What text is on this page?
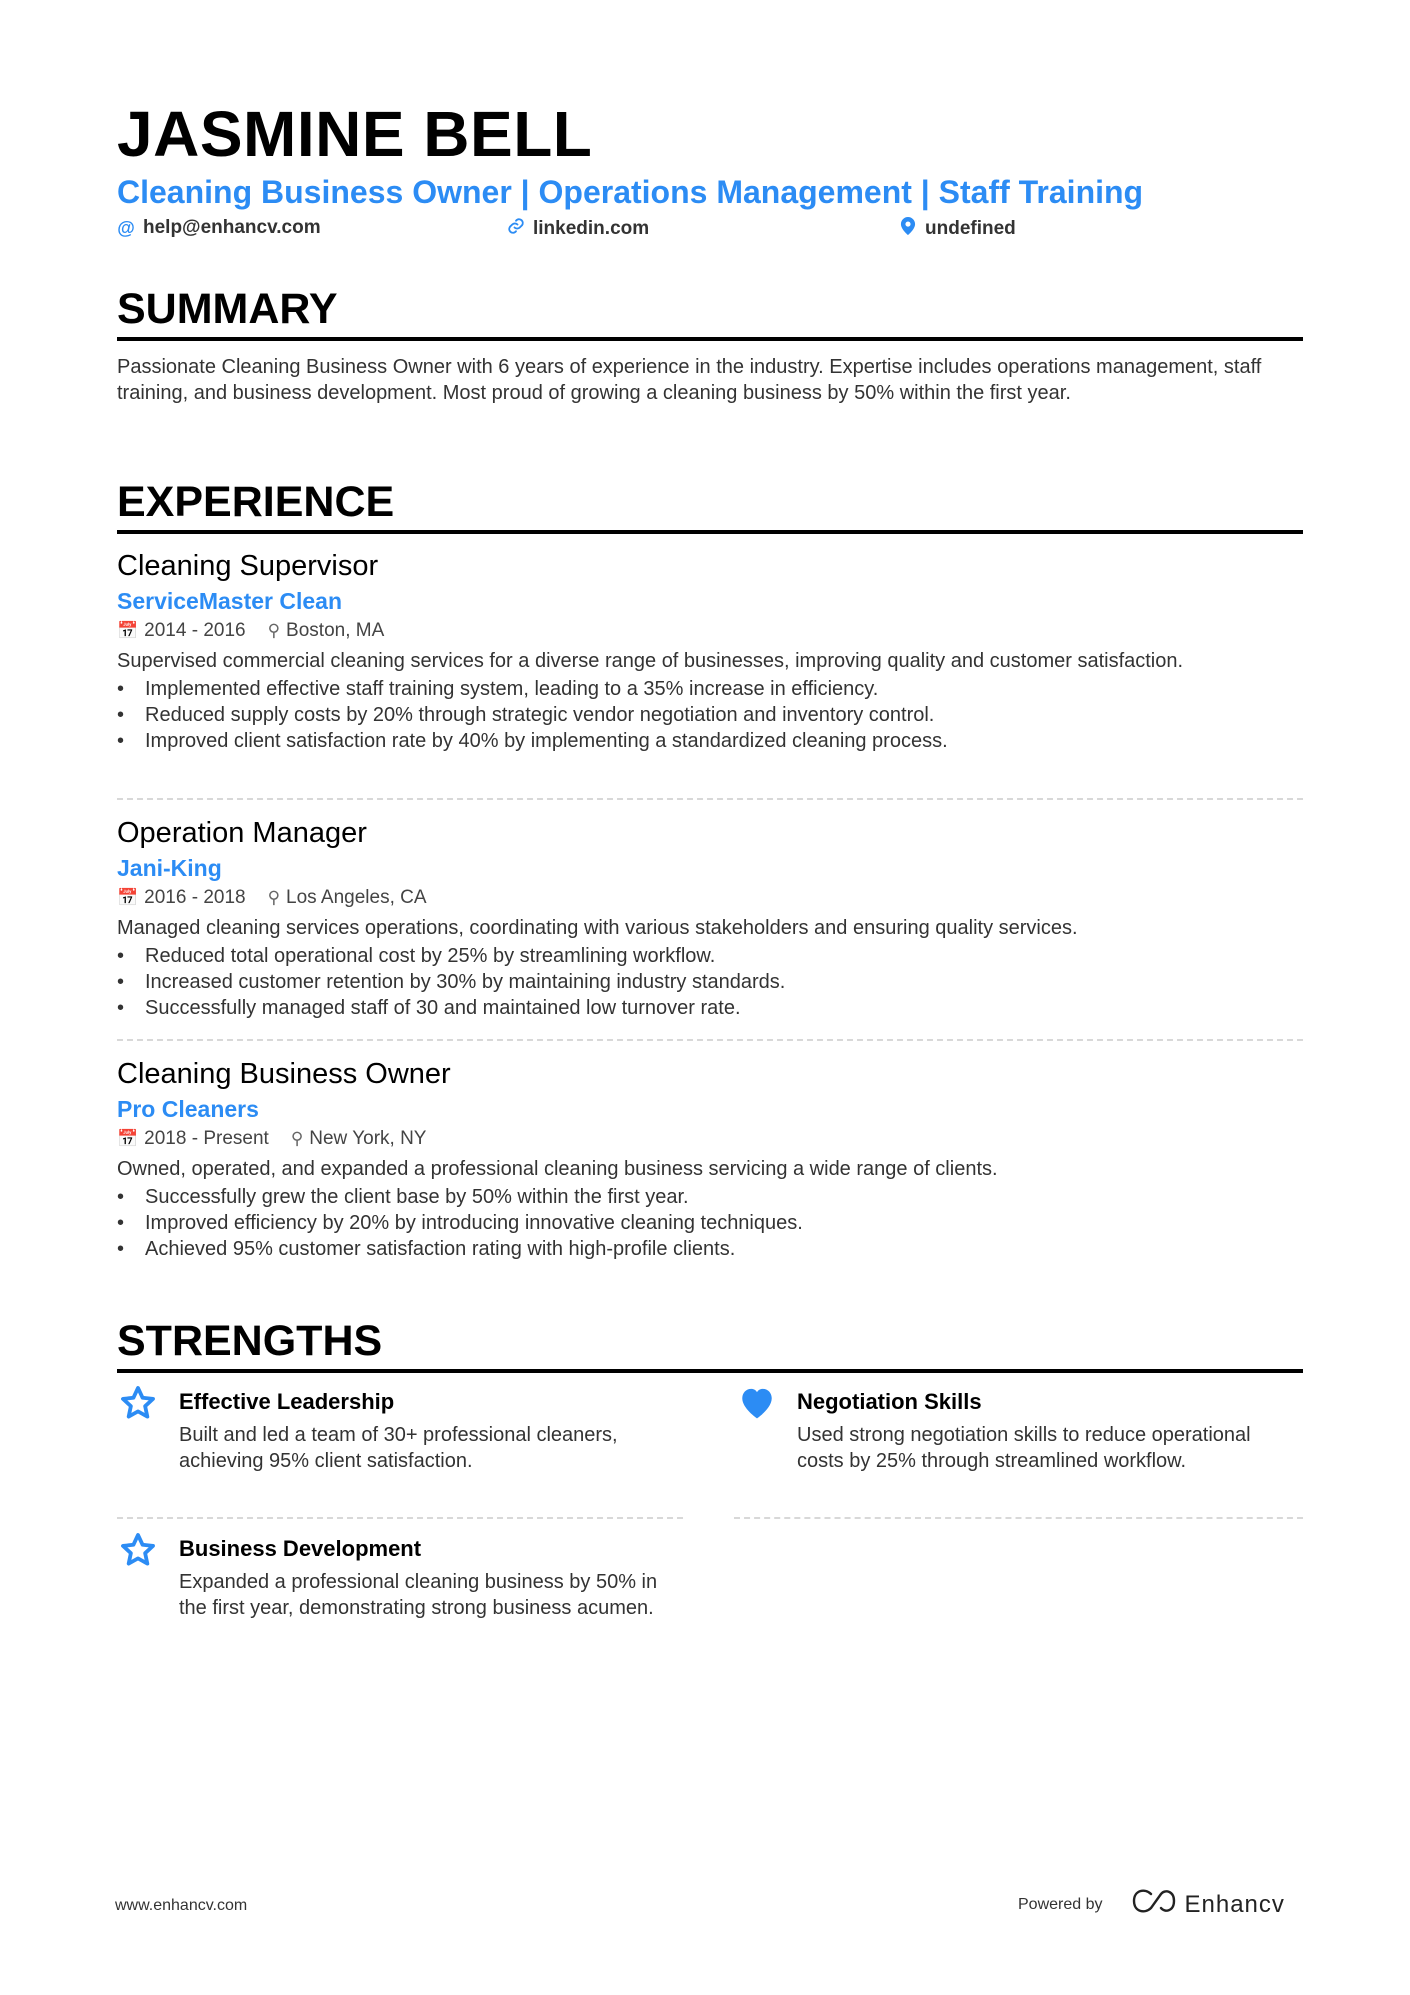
JASMINE BELL
Cleaning Business Owner | Operations Management | Staff Training
@ help@enhancv.com	linkedin.com	undefined
SUMMARY
Passionate Cleaning Business Owner with 6 years of experience in the industry. Expertise includes operations management, staff training, and business development. Most proud of growing a cleaning business by 50% within the first year.
EXPERIENCE
Cleaning Supervisor
ServiceMaster Clean
📅 2014 - 2016 ⚲ Boston, MA
Supervised commercial cleaning services for a diverse range of businesses, improving quality and customer satisfaction.
• Implemented effective staff training system, leading to a 35% increase in efficiency.
• Reduced supply costs by 20% through strategic vendor negotiation and inventory control.
• Improved client satisfaction rate by 40% by implementing a standardized cleaning process.
Operation Manager
Jani-King
📅 2016 - 2018 ⚲ Los Angeles, CA
Managed cleaning services operations, coordinating with various stakeholders and ensuring quality services.
• Reduced total operational cost by 25% by streamlining workflow.
• Increased customer retention by 30% by maintaining industry standards.
• Successfully managed staff of 30 and maintained low turnover rate.
Cleaning Business Owner
Pro Cleaners
📅 2018 - Present ⚲ New York, NY
Owned, operated, and expanded a professional cleaning business servicing a wide range of clients.
• Successfully grew the client base by 50% within the first year.
• Improved efficiency by 20% by introducing innovative cleaning techniques.
• Achieved 95% customer satisfaction rating with high-profile clients.
STRENGTHS
Effective Leadership
Built and led a team of 30+ professional cleaners, achieving 95% client satisfaction.
Negotiation Skills
Used strong negotiation skills to reduce operational costs by 25% through streamlined workflow.
Business Development
Expanded a professional cleaning business by 50% in the first year, demonstrating strong business acumen.
www.enhancv.com	Powered by	Enhancv
